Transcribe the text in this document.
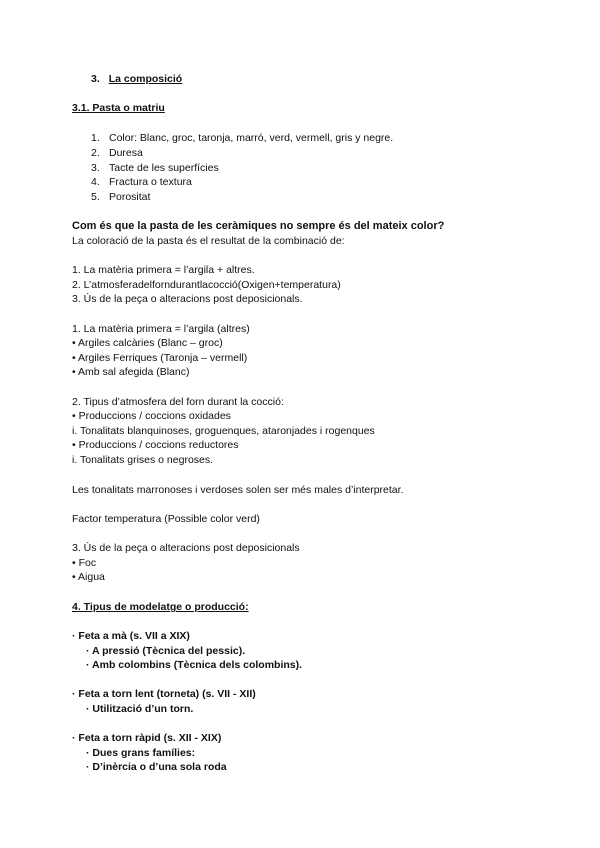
3. La composició
3.1. Pasta o matriu
1. Color: Blanc, groc, taronja, marró, verd, vermell, gris y negre.
2. Duresa
3. Tacte de les superfícies
4. Fractura o textura
5. Porositat
Com és que la pasta de les ceràmiques no sempre és del mateix color?
La coloració de la pasta és el resultat de la combinació de:
1. La matèria primera = l’argila + altres.
2. L’atmosferadelforndurantlacocció(Oxigen+temperatura)
3. Ús de la peça o alteracions post deposicionals.
1. La matèria primera = l’argila (altres)
• Argiles calcàries (Blanc – groc)
• Argiles Ferriques (Taronja – vermell)
• Amb sal afegida (Blanc)
2. Tipus d’atmosfera del forn durant la cocció:
• Produccions / coccions oxidades
i. Tonalitats blanquinoses, groguenques, ataronjades i rogenques
• Produccions / coccions reductores
i. Tonalitats grises o negroses.
Les tonalitats marronoses i verdoses solen ser més males d’interpretar.
Factor temperatura (Possible color verd)
3. Ús de la peça o alteracions post deposicionals
• Foc
• Aigua
4. Tipus de modelatge o producció:
· Feta a mà (s. VII a XIX)
· A pressió (Tècnica del pessic).
· Amb colombins (Tècnica dels colombins).
· Feta a torn lent (torneta) (s. VII - XII)
· Utilització d’un torn.
· Feta a torn ràpid (s. XII - XIX)
· Dues grans famílies:
· D’inèrcia o d’una sola roda
